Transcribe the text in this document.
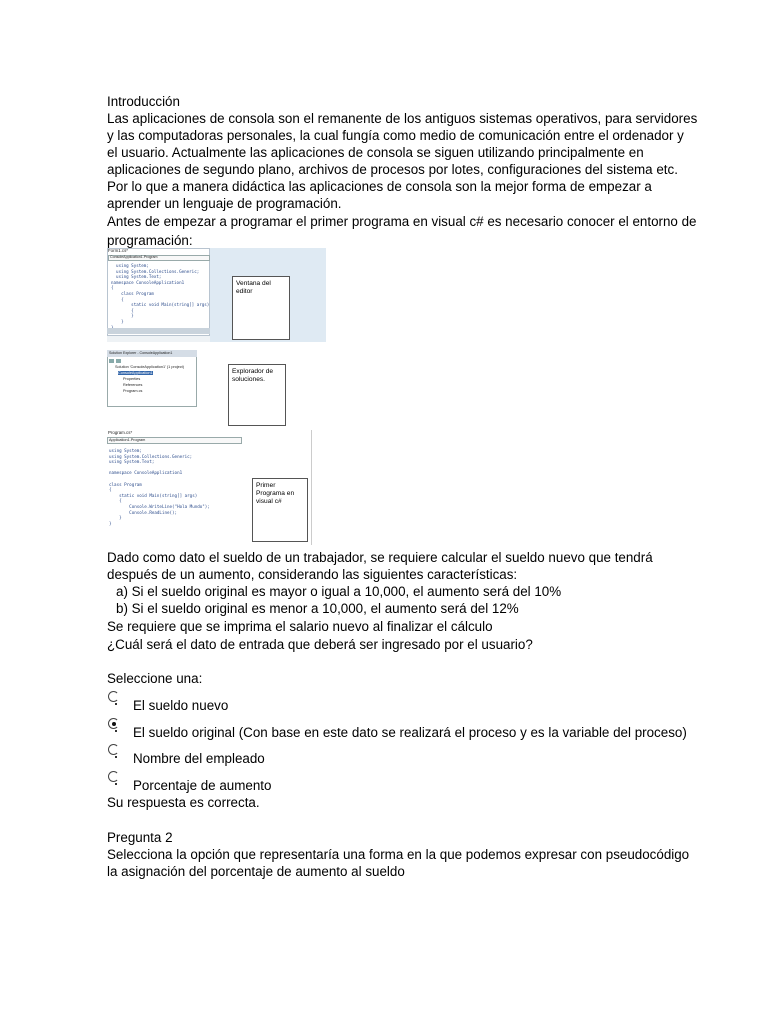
Introducción
Las aplicaciones de consola son el remanente de los antiguos sistemas operativos, para servidores
y las computadoras personales, la cual fungía como medio de comunicación entre el ordenador y
el usuario. Actualmente las aplicaciones de consola se siguen utilizando principalmente en
aplicaciones de segundo plano, archivos de procesos por lotes, configuraciones del sistema etc.
Por lo que a manera didáctica las aplicaciones de consola son la mejor forma de empezar a
aprender un lenguaje de programación.
Antes de empezar a programar el primer programa en visual c# es necesario conocer el entorno de
programación:
Form1.cs*
ConsoleApplication1.Program
using System;
using System.Collections.Generic;
using System.Text;
namespace ConsoleApplication1
{
class Program
{
static void Main(string[] args)
{
}
}

Ventana del editor
Solution Explorer - ConsoleApplication1
Solution 'ConsoleApplication1' (1 project)
ConsoleApplication1
Properties
References
Program.cs
Explorador de soluciones.
Program.cs*
Application1.Program
using System;
using System.Collections.Generic;
using System.Text;

namespace ConsoleApplication1

class Program
{
static void Main(string[] args)
{
Console.WriteLine("Hola Mundo");
Console.ReadLine();
}
}
Primer Programa en visual c#
Dado como dato el sueldo de un trabajador, se requiere calcular el sueldo nuevo que tendrá
después de un aumento, considerando las siguientes características:
a) Si el sueldo original es mayor o igual a 10,000, el aumento será del 10%
b) Si el sueldo original es menor a 10,000, el aumento será del 12%
Se requiere que se imprima el salario nuevo al finalizar el cálculo
¿Cuál será el dato de entrada que deberá ser ingresado por el usuario?
Seleccione una:
El sueldo nuevo
El sueldo original (Con base en este dato se realizará el proceso y es la variable del proceso)
Nombre del empleado
Porcentaje de aumento
Su respuesta es correcta.
Pregunta 2
Selecciona la opción que representaría una forma en la que podemos expresar con pseudocódigo
la asignación del porcentaje de aumento al sueldo
